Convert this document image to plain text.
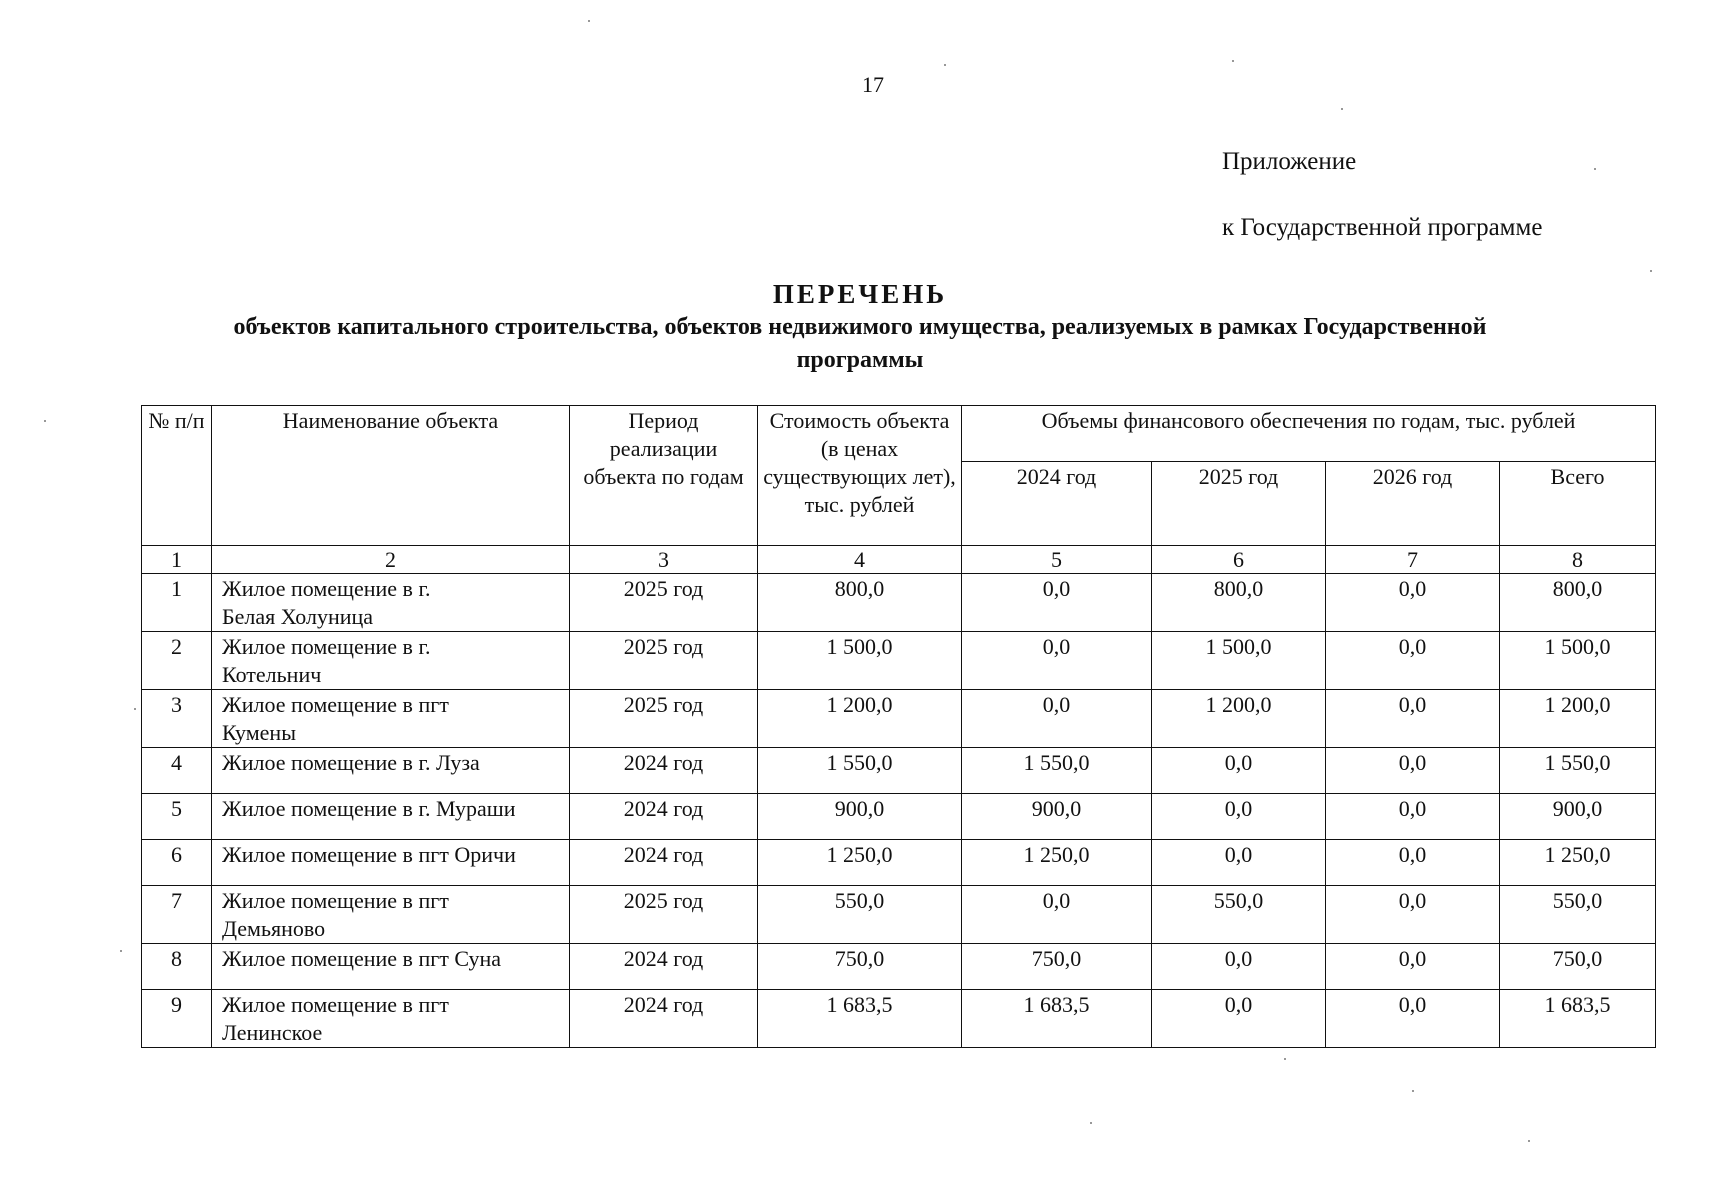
17
Приложение
к Государственной программе
ПЕРЕЧЕНЬ
объектов капитального строительства, объектов недвижимого имущества, реализуемых в рамках Государственной программы
№ п/п	Наименование объекта	Период реализации объекта по годам	Стоимость объекта (в ценах существующих лет), тыс. рублей	Объемы финансового обеспечения по годам, тыс. рублей			
				2024 год	2025 год	2026 год	Всего
1	2	3	4	5	6	7	8
1	Жилое помещение в г. Белая Холуница	2025 год	800,0	0,0	800,0	0,0	800,0
2	Жилое помещение в г. Котельнич	2025 год	1 500,0	0,0	1 500,0	0,0	1 500,0
3	Жилое помещение в пгт Кумены	2025 год	1 200,0	0,0	1 200,0	0,0	1 200,0
4	Жилое помещение в г. Луза	2024 год	1 550,0	1 550,0	0,0	0,0	1 550,0
5	Жилое помещение в г. Мураши	2024 год	900,0	900,0	0,0	0,0	900,0
6	Жилое помещение в пгт Оричи	2024 год	1 250,0	1 250,0	0,0	0,0	1 250,0
7	Жилое помещение в пгт Демьяново	2025 год	550,0	0,0	550,0	0,0	550,0
8	Жилое помещение в пгт Суна	2024 год	750,0	750,0	0,0	0,0	750,0
9	Жилое помещение в пгт Ленинское	2024 год	1 683,5	1 683,5	0,0	0,0	1 683,5
